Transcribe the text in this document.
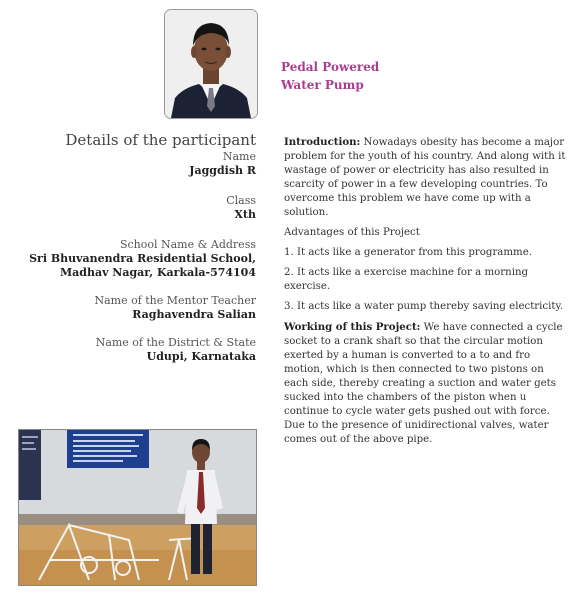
Pedal Powered
Water Pump
Details of the participant
Name
Jaggdish R
Class
Xth
School Name & Address
Sri Bhuvanendra Residential School,
Madhav Nagar, Karkala-574104
Name of the Mentor Teacher
Raghavendra Salian
Name of the District & State
Udupi, Karnataka

Introduction: Nowadays obesity has become a major problem for the youth of his country. And along with it wastage of power or electricity has also resulted in scarcity of power in a few developing countries. To overcome this problem we have come up with a solution.

Advantages of this Project

1. It acts like a generator from this programme.

2. It acts like a exercise machine for a morning exercise.

3. It acts like a water pump thereby saving electricity.

Working of this Project: We have connected a cycle socket to a crank shaft so that the circular motion exerted by a human is converted to a to and fro motion, which is then connected to two pistons on each side, thereby creating a suction and water gets sucked into the chambers of the piston when u continue to cycle water gets pushed out with force. Due to the presence of unidirectional valves, water comes out of the above pipe.
